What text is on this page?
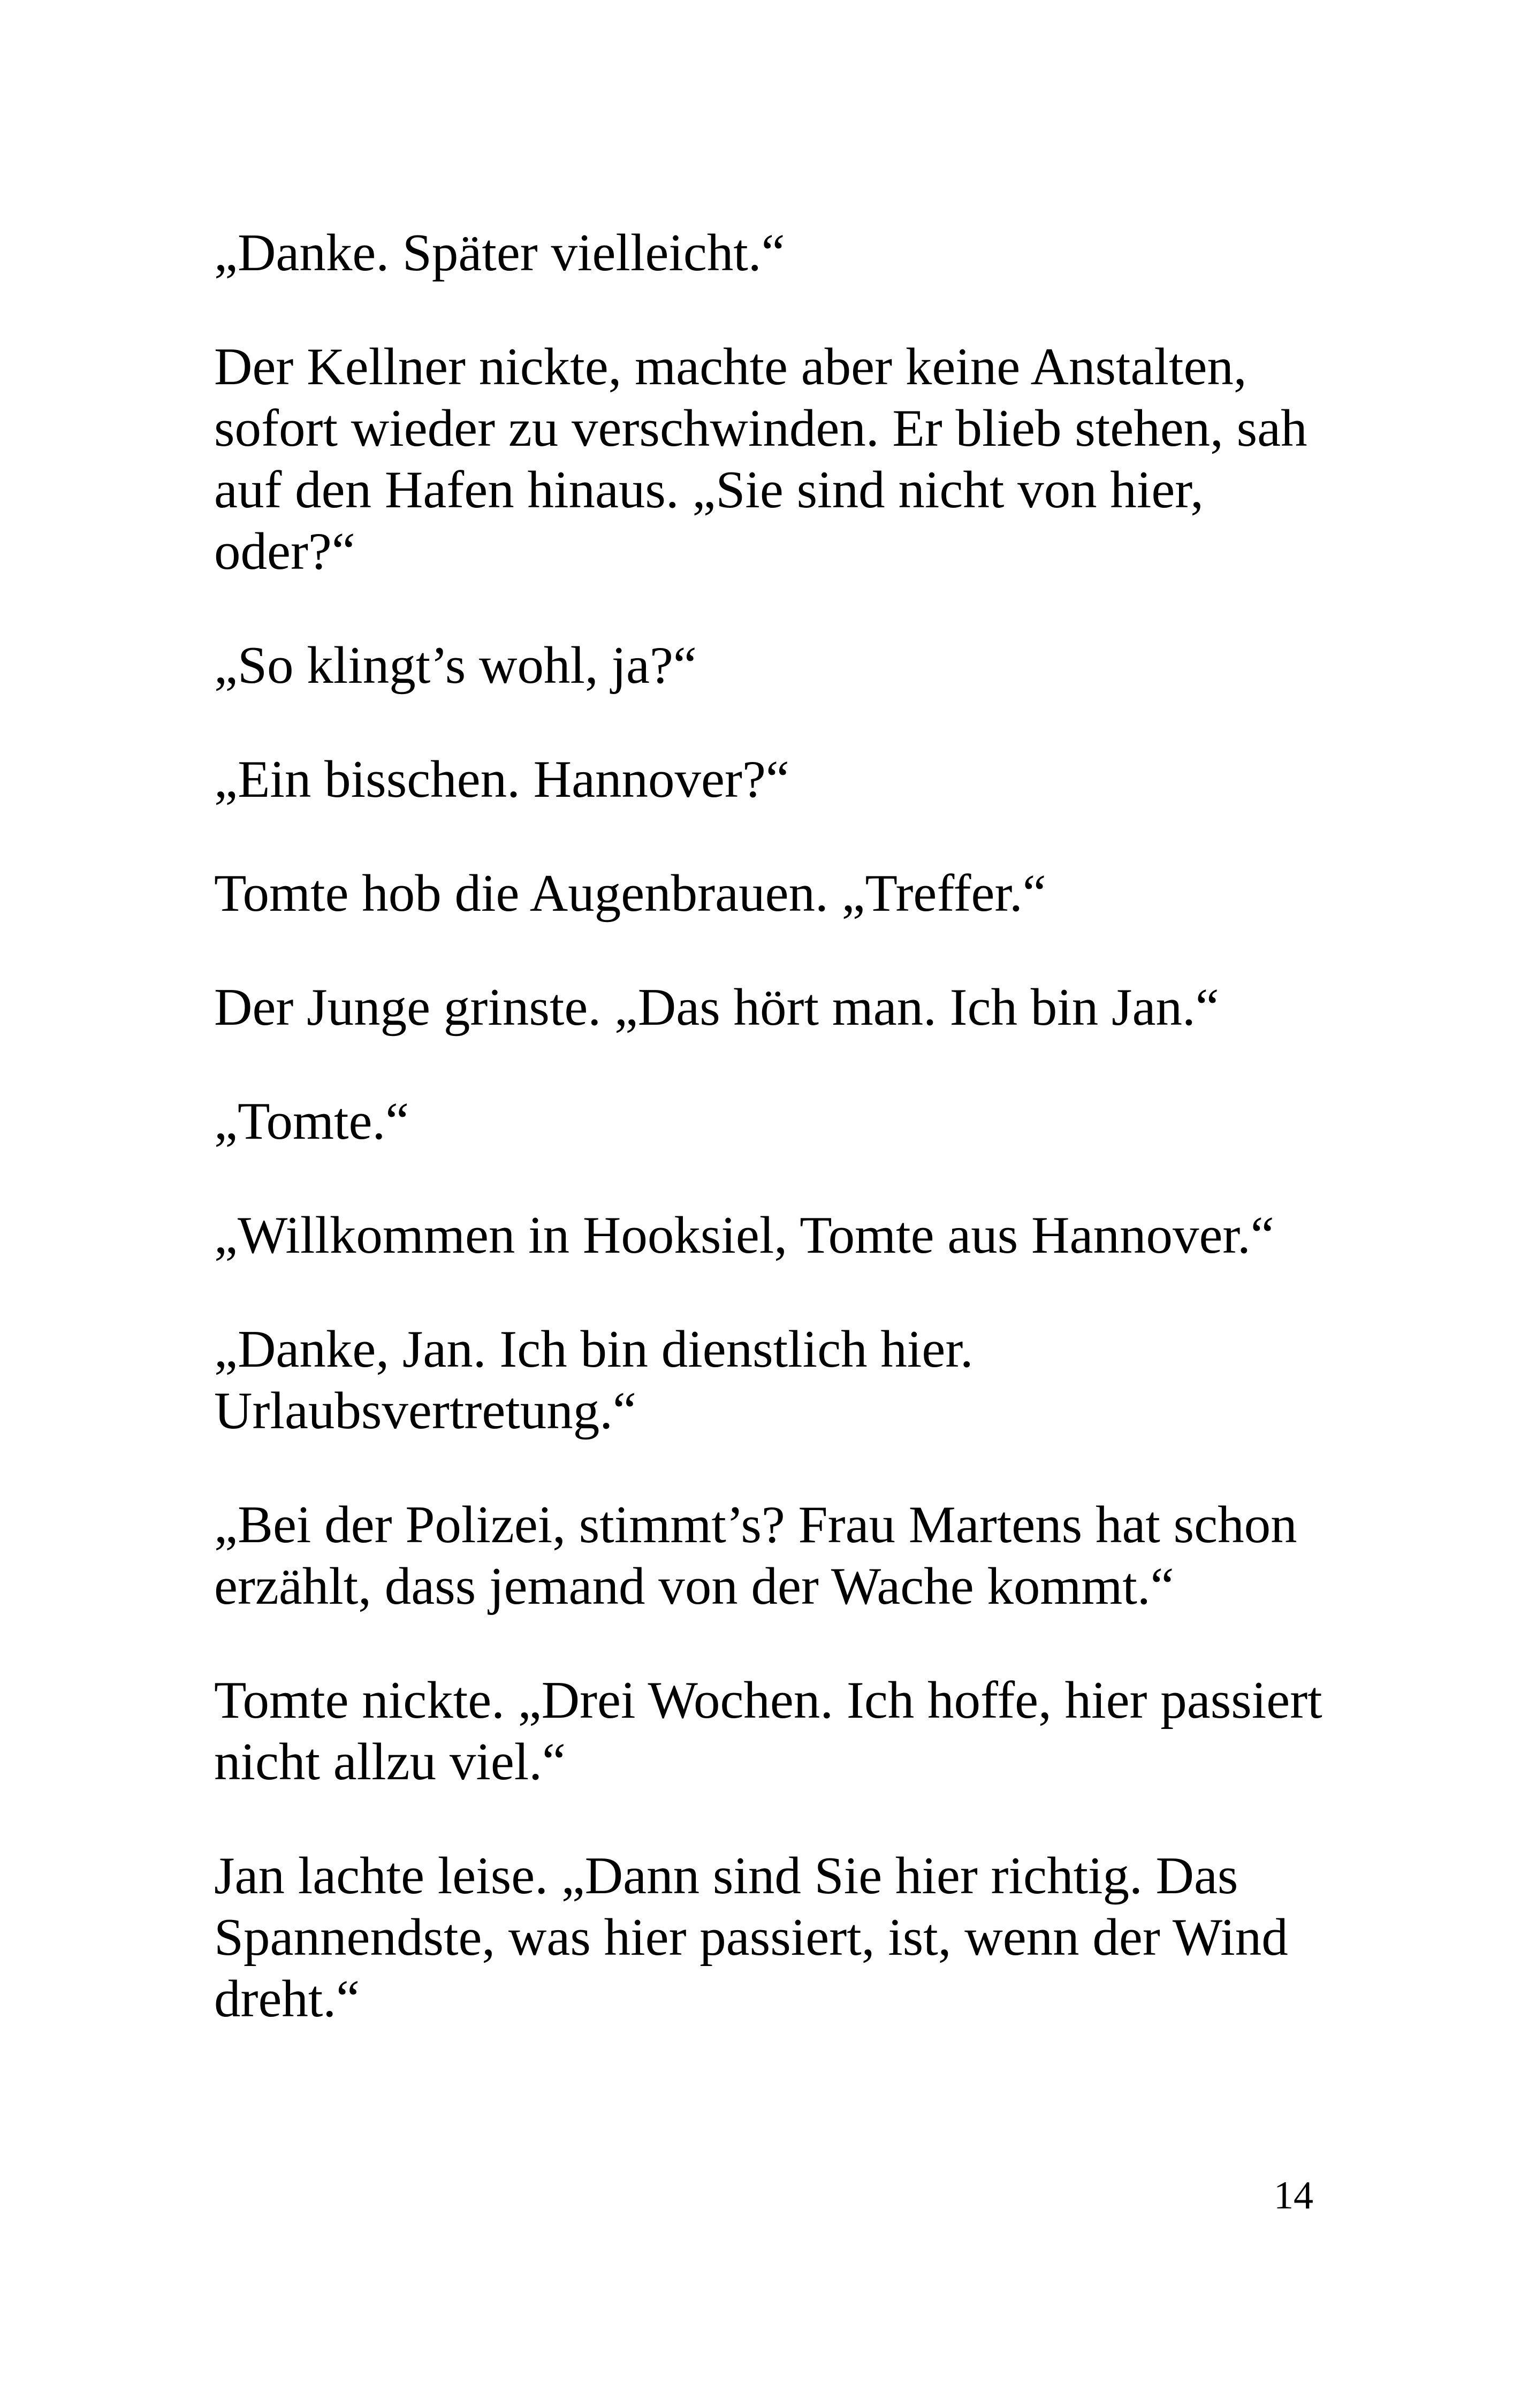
„Danke. Später vielleicht.“

Der Kellner nickte, machte aber keine Anstalten, sofort wieder zu verschwinden. Er blieb stehen, sah auf den Hafen hinaus. „Sie sind nicht von hier, oder?“

„So klingt’s wohl, ja?“

„Ein bisschen. Hannover?“

Tomte hob die Augenbrauen. „Treffer.“

Der Junge grinste. „Das hört man. Ich bin Jan.“

„Tomte.“

„Willkommen in Hooksiel, Tomte aus Hannover.“

„Danke, Jan. Ich bin dienstlich hier. Urlaubsvertretung.“

„Bei der Polizei, stimmt’s? Frau Martens hat schon erzählt, dass jemand von der Wache kommt.“

Tomte nickte. „Drei Wochen. Ich hoffe, hier passiert nicht allzu viel.“

Jan lachte leise. „Dann sind Sie hier richtig. Das Spannendste, was hier passiert, ist, wenn der Wind dreht.“

14
